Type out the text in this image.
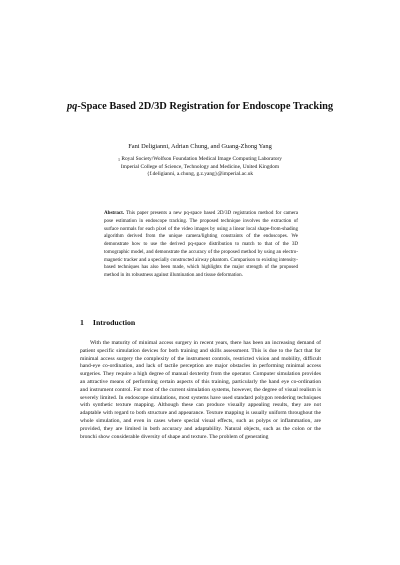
pq-Space Based 2D/3D Registration for Endoscope Tracking
Fani Deligianni, Adrian Chung, and Guang-Zhong Yang
$^1$ Royal Society/Wolfson Foundation Medical Image Computing Laboratory
Imperial College of Science, Technology and Medicine, United Kingdom
{f.deligianni, a.chung, g.z.yang}@imperial.ac.uk
Abstract. This paper presents a new pq-space based 2D/3D registration method for camera pose estimation in endoscope tracking. The proposed technique involves the extraction of surface normals for each pixel of the video images by using a linear local shape-from-shading algorithm derived from the unique camera/lighting constraints of the endoscopes. We demonstrate how to use the derived pq-space distribution to match to that of the 3D tomographic model, and demonstrate the accuracy of the proposed method by using an electro-magnetic tracker and a specially constructed airway phantom. Comparison to existing intensity-based techniques has also been made, which highlights the major strength of the proposed method in its robustness against illumination and tissue deformation.
1 Introduction
With the maturity of minimal access surgery in recent years, there has been an increasing demand of patient specific simulation devices for both training and skills assessment. This is due to the fact that for minimal access surgery the complexity of the instrument controls, restricted vision and mobility, difficult hand-eye co-ordination, and lack of tactile perception are major obstacles in performing minimal access surgeries. They require a high degree of manual dexterity from the operator. Computer simulation provides an attractive means of performing certain aspects of this training, particularly the hand eye co-ordination and instrument control. For most of the current simulation systems, however, the degree of visual realism is severely limited. In endoscope simulations, most systems have used standard polygon rendering techniques with synthetic texture mapping. Although these can produce visually appealing results, they are not adaptable with regard to both structure and appearance. Texture mapping is usually uniform throughout the whole simulation, and even in cases where special visual effects, such as polyps or inflammation, are provided, they are limited in both accuracy and adaptability. Natural objects, such as the colon or the bronchi show considerable diversity of shape and texture. The problem of generating
